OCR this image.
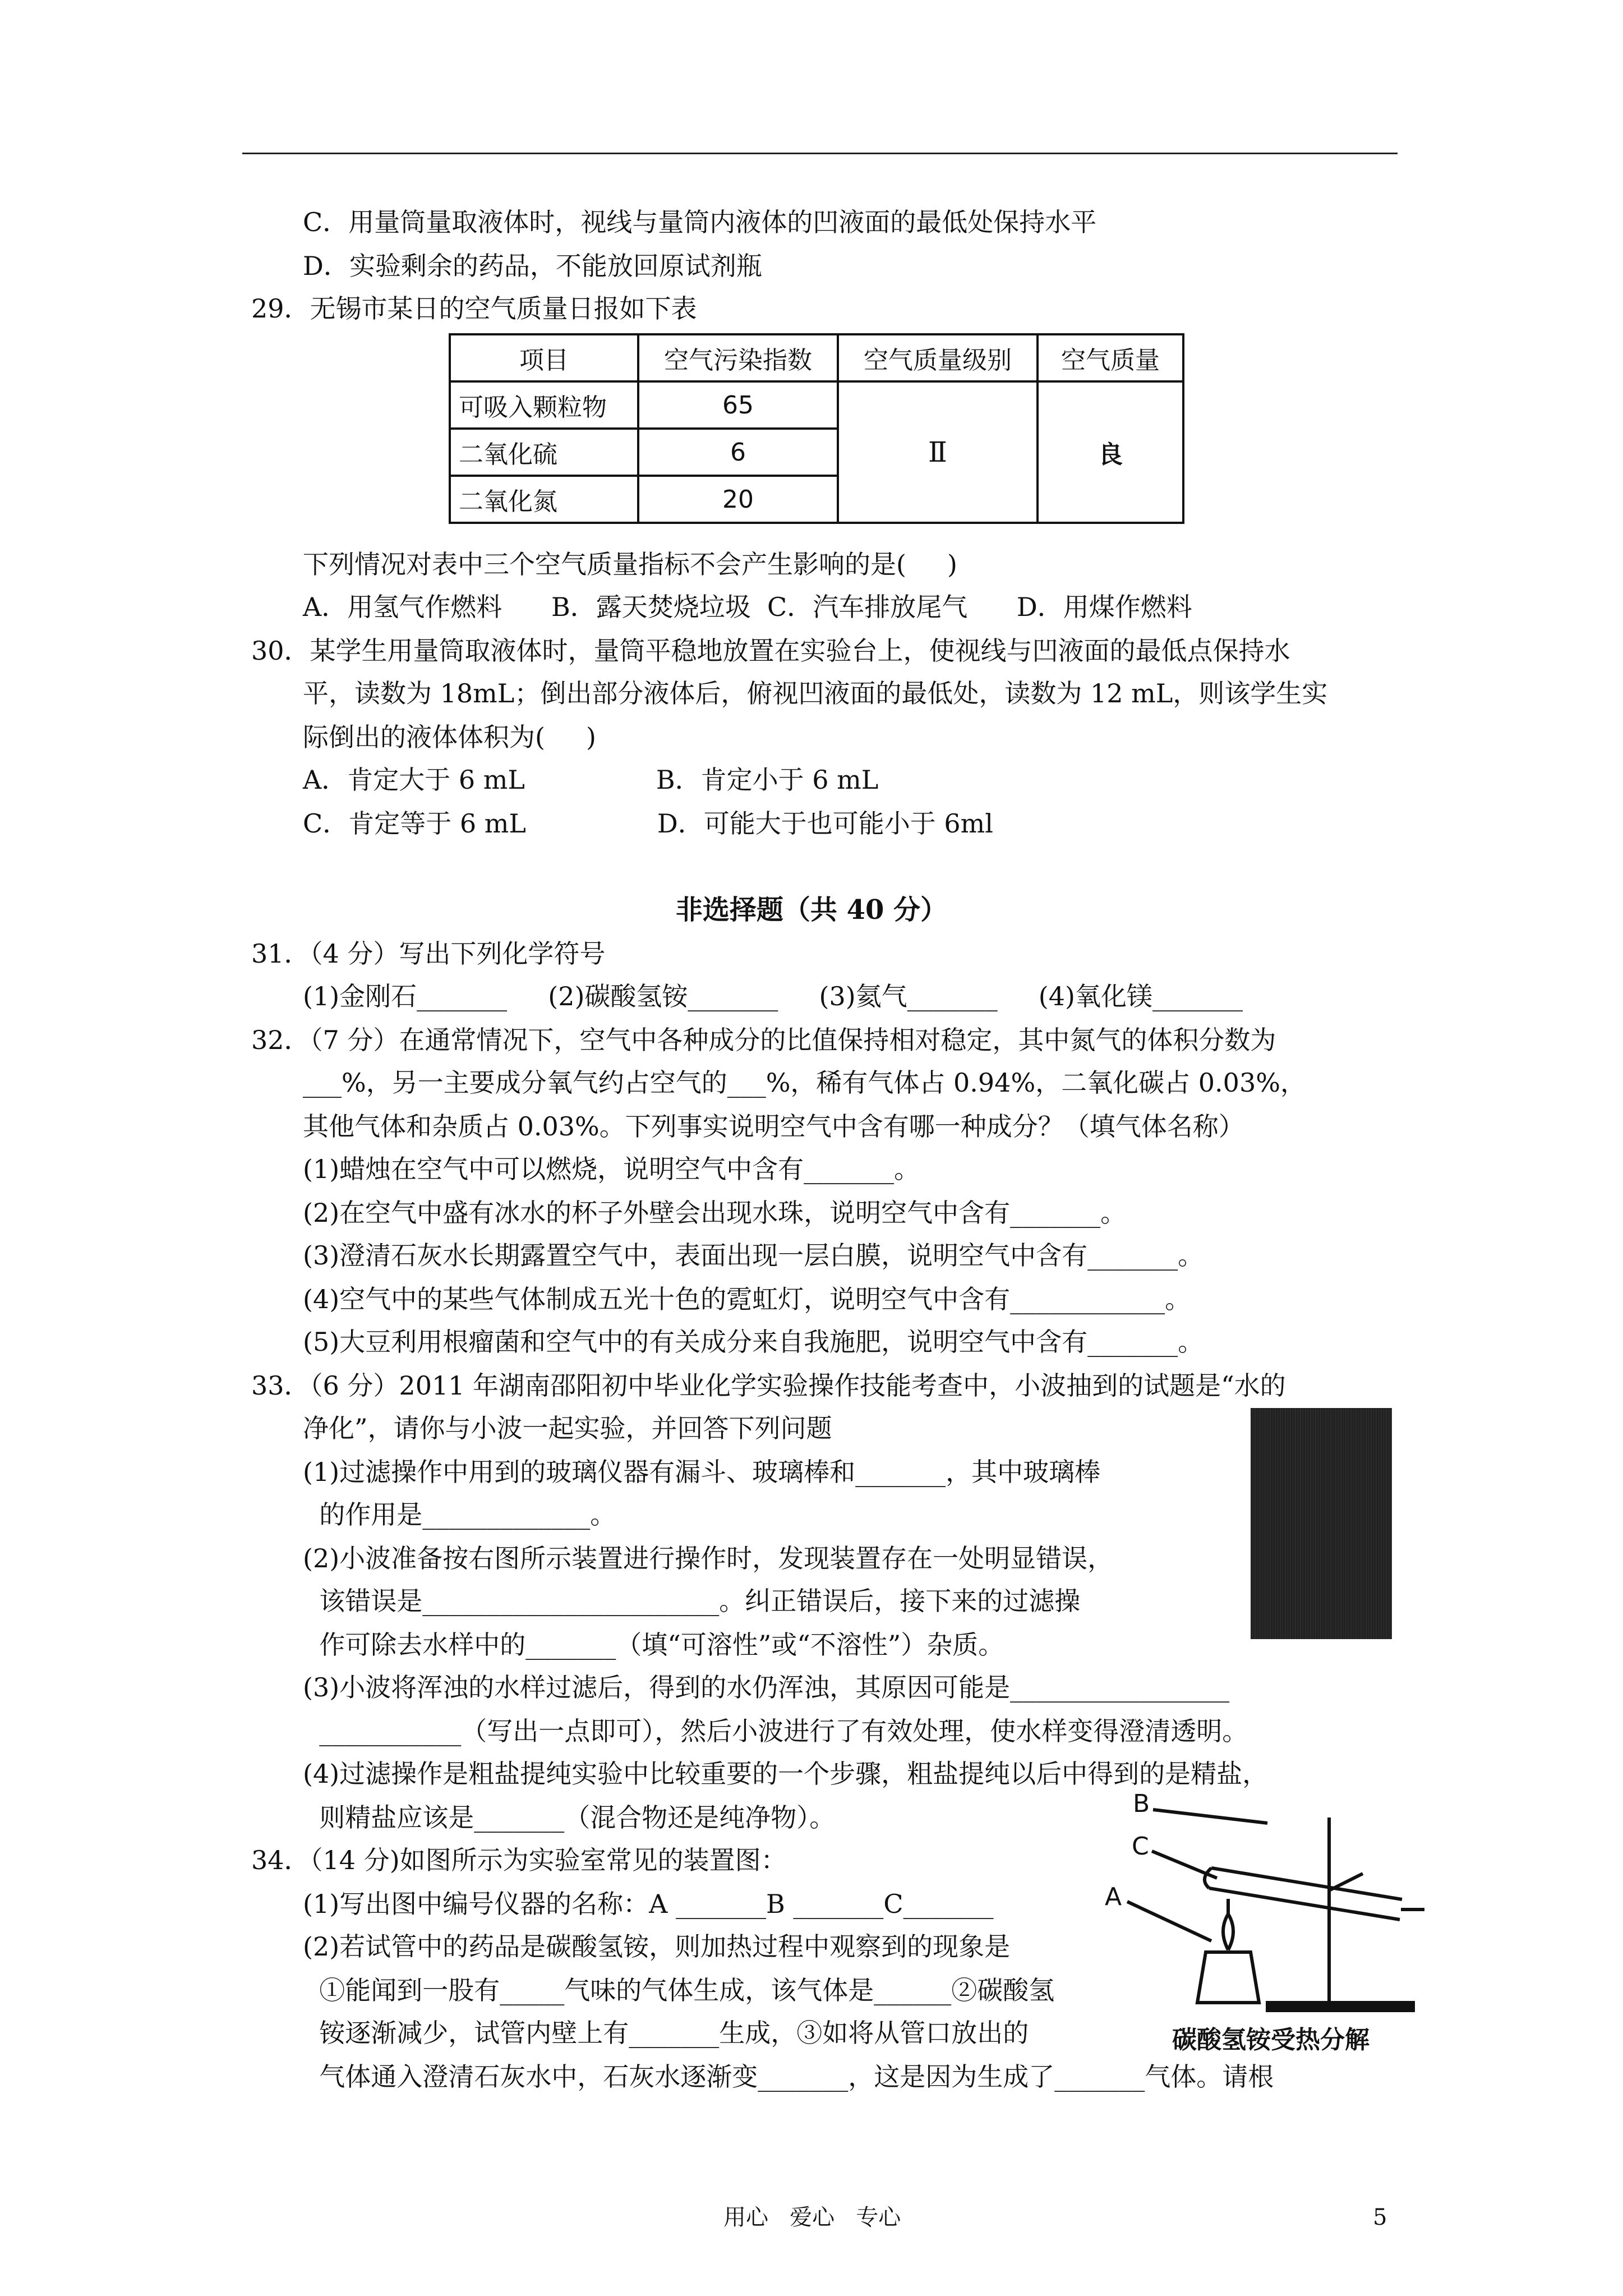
C．用量筒量取液体时，视线与量筒内液体的凹液面的最低处保持水平
D．实验剩余的药品，不能放回原试剂瓶
29．无锡市某日的空气质量日报如下表
项目	空气污染指数	空气质量级别	空气质量
可吸入颗粒物	65	Ⅱ	良
二氧化硫	6		
二氧化氮	20		
下列情况对表中三个空气质量指标不会产生影响的是(     )
A．用氢气作燃料      B．露天焚烧垃圾  C．汽车排放尾气      D．用煤作燃料
30．某学生用量筒取液体时，量筒平稳地放置在实验台上，使视线与凹液面的最低点保持水
平，读数为 18mL；倒出部分液体后，俯视凹液面的最低处，读数为 12 mL，则该学生实
际倒出的液体体积为(     )
A．肯定大于 6 mL                B．肯定小于 6 mL
C．肯定等于 6 mL                D．可能大于也可能小于 6ml
非选择题（共 40 分）
31．（4 分）写出下列化学符号
(1)金刚石_______     (2)碳酸氢铵_______     (3)氦气_______     (4)氧化镁_______
32．（7 分）在通常情况下，空气中各种成分的比值保持相对稳定，其中氮气的体积分数为
___%，另一主要成分氧气约占空气的___%，稀有气体占 0.94%，二氧化碳占 0.03%，
其他气体和杂质占 0.03%。下列事实说明空气中含有哪一种成分？（填气体名称）
(1)蜡烛在空气中可以燃烧，说明空气中含有_______。
(2)在空气中盛有冰水的杯子外壁会出现水珠，说明空气中含有_______。
(3)澄清石灰水长期露置空气中，表面出现一层白膜，说明空气中含有_______。
(4)空气中的某些气体制成五光十色的霓虹灯，说明空气中含有____________。
(5)大豆利用根瘤菌和空气中的有关成分来自我施肥，说明空气中含有_______。
33．（6 分）2011 年湖南邵阳初中毕业化学实验操作技能考查中，小波抽到的试题是“水的
净化”，请你与小波一起实验，并回答下列问题
(1)过滤操作中用到的玻璃仪器有漏斗、玻璃棒和_______，其中玻璃棒
的作用是_____________。
(2)小波准备按右图所示装置进行操作时，发现装置存在一处明显错误，
该错误是_______________________。纠正错误后，接下来的过滤操
作可除去水样中的_______（填“可溶性”或“不溶性”）杂质。
(3)小波将浑浊的水样过滤后，得到的水仍浑浊，其原因可能是_________________
___________（写出一点即可），然后小波进行了有效处理，使水样变得澄清透明。
(4)过滤操作是粗盐提纯实验中比较重要的一个步骤，粗盐提纯以后中得到的是精盐，
则精盐应该是_______（混合物还是纯净物）。
34．（14 分)如图所示为实验室常见的装置图：
(1)写出图中编号仪器的名称：A _______B _______C_______
(2)若试管中的药品是碳酸氢铵，则加热过程中观察到的现象是
①能闻到一股有_____气味的气体生成，该气体是______②碳酸氢
铵逐渐减少，试管内壁上有_______生成，③如将从管口放出的
气体通入澄清石灰水中，石灰水逐渐变_______，这是因为生成了_______气体。请根
B
C
A
碳酸氢铵受热分解
用心   爱心   专心	5
